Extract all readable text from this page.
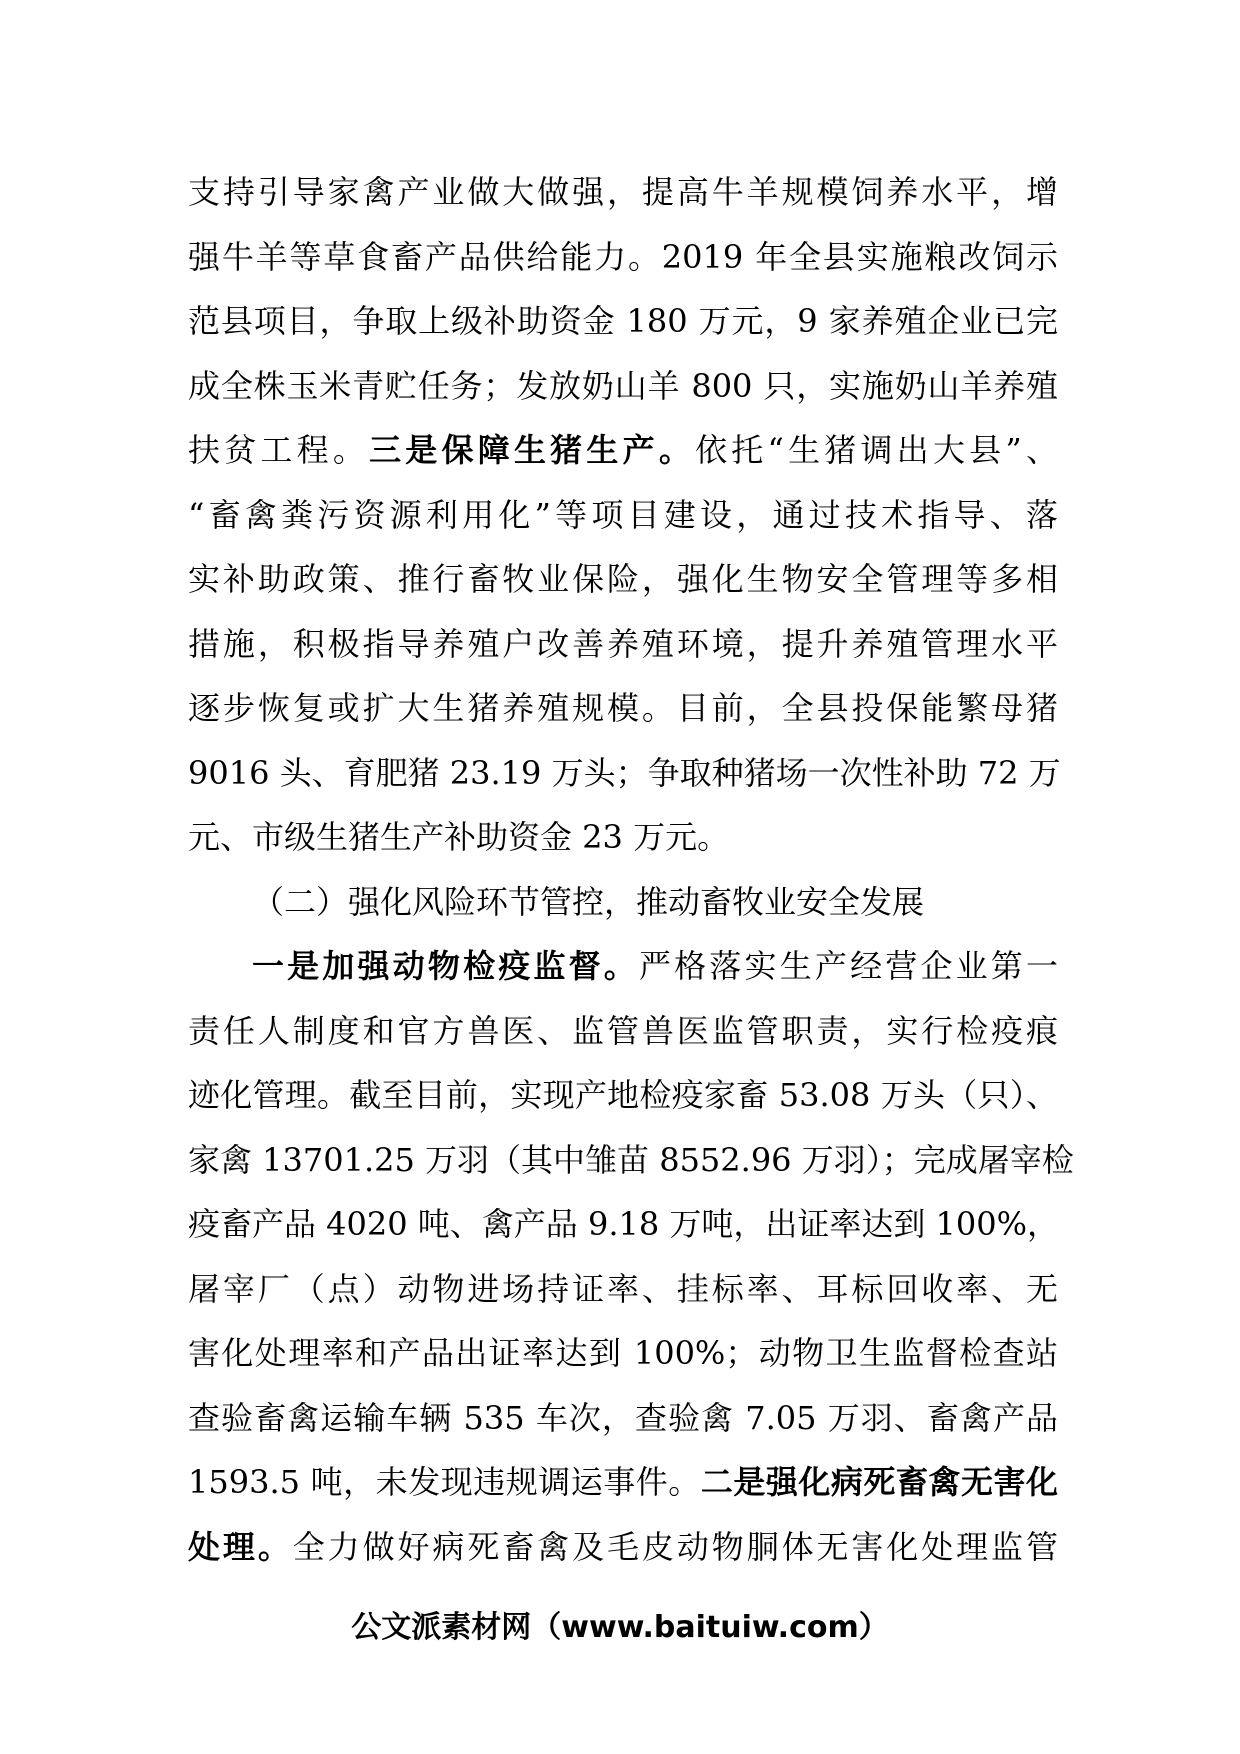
支持引导家禽产业做大做强，提高牛羊规模饲养水平，增
强牛羊等草食畜产品供给能力。2019 年全县实施粮改饲示
范县项目，争取上级补助资金 180 万元，9 家养殖企业已完
成全株玉米青贮任务；发放奶山羊 800 只，实施奶山羊养殖
扶贫工程。三是保障生猪生产。依托“生猪调出大县”、
“畜禽粪污资源利用化”等项目建设，通过技术指导、落
实补助政策、推行畜牧业保险，强化生物安全管理等多相
措施，积极指导养殖户改善养殖环境，提升养殖管理水平
逐步恢复或扩大生猪养殖规模。目前，全县投保能繁母猪
9016 头、育肥猪 23.19 万头；争取种猪场一次性补助 72 万
元、市级生猪生产补助资金 23 万元。
（二）强化风险环节管控，推动畜牧业安全发展
一是加强动物检疫监督。严格落实生产经营企业第一
责任人制度和官方兽医、监管兽医监管职责，实行检疫痕
迹化管理。截至目前，实现产地检疫家畜 53.08 万头（只）、
家禽 13701.25 万羽（其中雏苗 8552.96 万羽）；完成屠宰检
疫畜产品 4020 吨、禽产品 9.18 万吨，出证率达到 100%，
屠宰厂（点）动物进场持证率、挂标率、耳标回收率、无
害化处理率和产品出证率达到 100%；动物卫生监督检查站
查验畜禽运输车辆 535 车次，查验禽 7.05 万羽、畜禽产品
1593.5 吨，未发现违规调运事件。二是强化病死畜禽无害化
处理。全力做好病死畜禽及毛皮动物胴体无害化处理监管
公文派素材网（www.baituiw.com）
